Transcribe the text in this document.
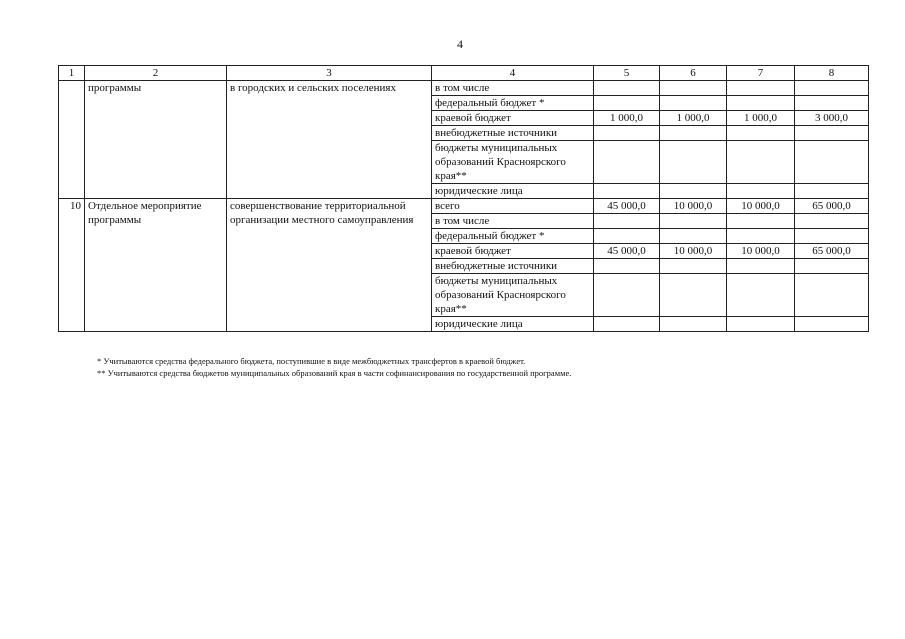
4
1	2	3	4	5	6	7	8
	программы	в городских и сельских поселениях	в том числе				
			федеральный бюджет *				
			краевой бюджет	1 000,0	1 000,0	1 000,0	3 000,0
			внебюджетные источники				
			бюджеты муниципальных образований Красноярского края**				
			юридические лица				
10	Отдельное мероприятие программы	совершенствование территориальной организации местного самоуправления	всего	45 000,0	10 000,0	10 000,0	65 000,0
			в том числе				
			федеральный бюджет *				
			краевой бюджет	45 000,0	10 000,0	10 000,0	65 000,0
			внебюджетные источники				
			бюджеты муниципальных образований Красноярского края**				
			юридические лица				

* Учитываются средства федерального бюджета, поступившие в виде межбюджетных трансфертов в краевой бюджет.

** Учитываются средства бюджетов муниципальных образований края в части софинансирования по государственной программе.
